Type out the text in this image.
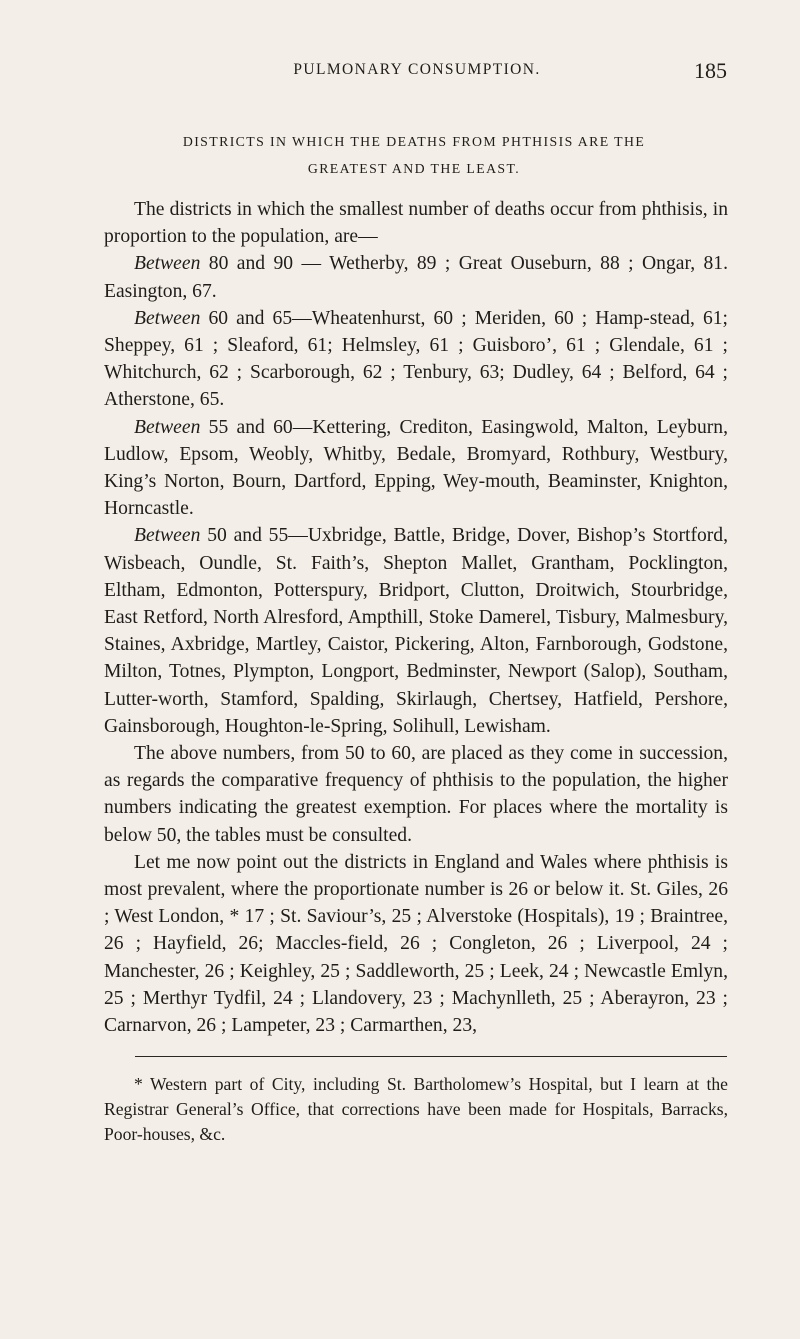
PULMONARY CONSUMPTION.	185
DISTRICTS IN WHICH THE DEATHS FROM PHTHISIS ARE THE
GREATEST AND THE LEAST.

The districts in which the smallest number of deaths occur from phthisis, in proportion to the population, are—

Between 80 and 90 — Wetherby, 89 ; Great Ouseburn, 88 ; Ongar, 81. Easington, 67.

Between 60 and 65—Wheatenhurst, 60 ; Meriden, 60 ; Hamp-stead, 61; Sheppey, 61 ; Sleaford, 61; Helmsley, 61 ; Guisboro’, 61 ; Glendale, 61 ; Whitchurch, 62 ; Scarborough, 62 ; Tenbury, 63; Dudley, 64 ; Belford, 64 ; Atherstone, 65.

Between 55 and 60—Kettering, Crediton, Easingwold, Malton, Leyburn, Ludlow, Epsom, Weobly, Whitby, Bedale, Bromyard, Rothbury, Westbury, King’s Norton, Bourn, Dartford, Epping, Wey-mouth, Beaminster, Knighton, Horncastle.

Between 50 and 55—Uxbridge, Battle, Bridge, Dover, Bishop’s Stortford, Wisbeach, Oundle, St. Faith’s, Shepton Mallet, Grantham, Pocklington, Eltham, Edmonton, Potterspury, Bridport, Clutton, Droitwich, Stourbridge, East Retford, North Alresford, Ampthill, Stoke Damerel, Tisbury, Malmesbury, Staines, Axbridge, Martley, Caistor, Pickering, Alton, Farnborough, Godstone, Milton, Totnes, Plympton, Longport, Bedminster, Newport (Salop), Southam, Lutter-worth, Stamford, Spalding, Skirlaugh, Chertsey, Hatfield, Pershore, Gainsborough, Houghton-le-Spring, Solihull, Lewisham.

The above numbers, from 50 to 60, are placed as they come in succession, as regards the comparative frequency of phthisis to the population, the higher numbers indicating the greatest exemption. For places where the mortality is below 50, the tables must be consulted.

Let me now point out the districts in England and Wales where phthisis is most prevalent, where the proportionate number is 26 or below it. St. Giles, 26 ; West London, * 17 ; St. Saviour’s, 25 ; Alverstoke (Hospitals), 19 ; Braintree, 26 ; Hayfield, 26; Maccles-field, 26 ; Congleton, 26 ; Liverpool, 24 ; Manchester, 26 ; Keighley, 25 ; Saddleworth, 25 ; Leek, 24 ; Newcastle Emlyn, 25 ; Merthyr Tydfil, 24 ; Llandovery, 23 ; Machynlleth, 25 ; Aberayron, 23 ; Carnarvon, 26 ; Lampeter, 23 ; Carmarthen, 23,

* Western part of City, including St. Bartholomew’s Hospital, but I learn at the Registrar General’s Office, that corrections have been made for Hospitals, Barracks, Poor-houses, &c.
